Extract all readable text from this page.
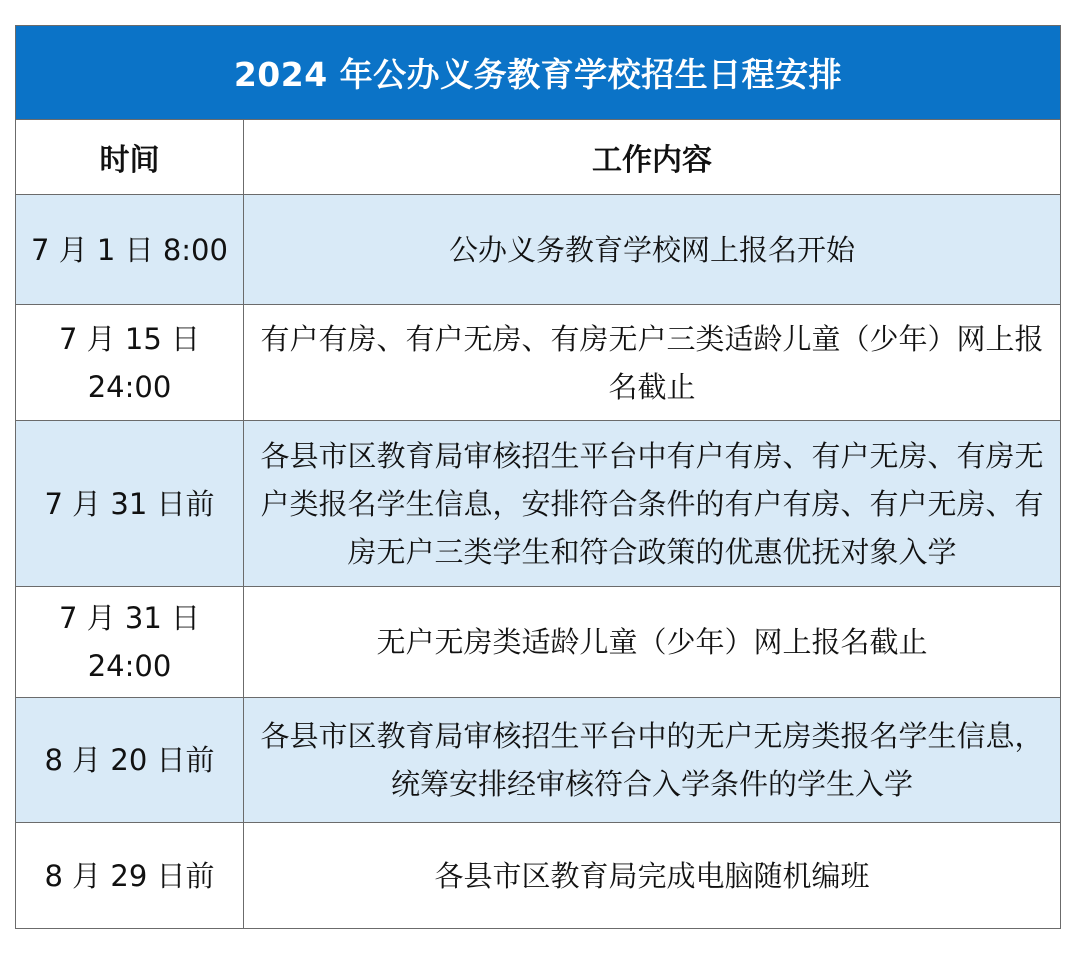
2024 年公办义务教育学校招生日程安排	
时间	工作内容
7 月 1 日 8:00	公办义务教育学校网上报名开始
7 月 15 日 24:00	有户有房、有户无房、有房无户三类适龄儿童（少年）网上报名截止
7 月 31 日前	各县市区教育局审核招生平台中有户有房、有户无房、有房无户类报名学生信息，安排符合条件的有户有房、有户无房、有房无户三类学生和符合政策的优惠优抚对象入学
7 月 31 日 24:00	无户无房类适龄儿童（少年）网上报名截止
8 月 20 日前	各县市区教育局审核招生平台中的无户无房类报名学生信息，统筹安排经审核符合入学条件的学生入学
8 月 29 日前	各县市区教育局完成电脑随机编班
